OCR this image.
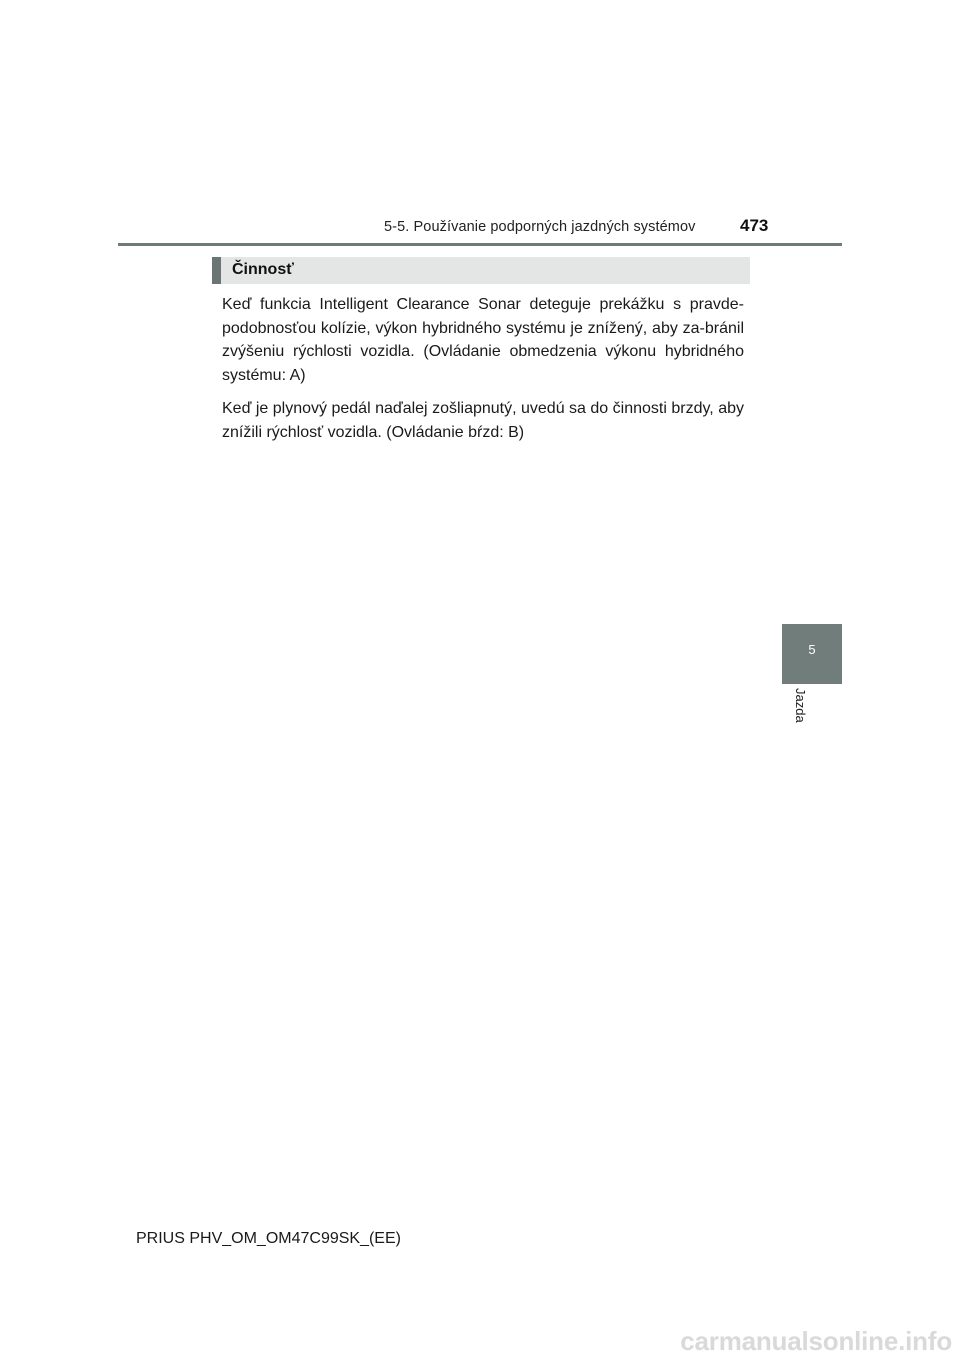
5-5. Používanie podporných jazdných systémov	473
Činnosť

Keď funkcia Intelligent Clearance Sonar deteguje prekážku s pravde-podobnosťou kolízie, výkon hybridného systému je znížený, aby za-bránil zvýšeniu rýchlosti vozidla. (Ovládanie obmedzenia výkonu hybridného systému: A)

Keď je plynový pedál naďalej zošliapnutý, uvedú sa do činnosti brzdy, aby znížili rýchlosť vozidla. (Ovládanie bŕzd: B)

5
Jazda
PRIUS PHV_OM_OM47C99SK_(EE)
carmanualsonline.info
